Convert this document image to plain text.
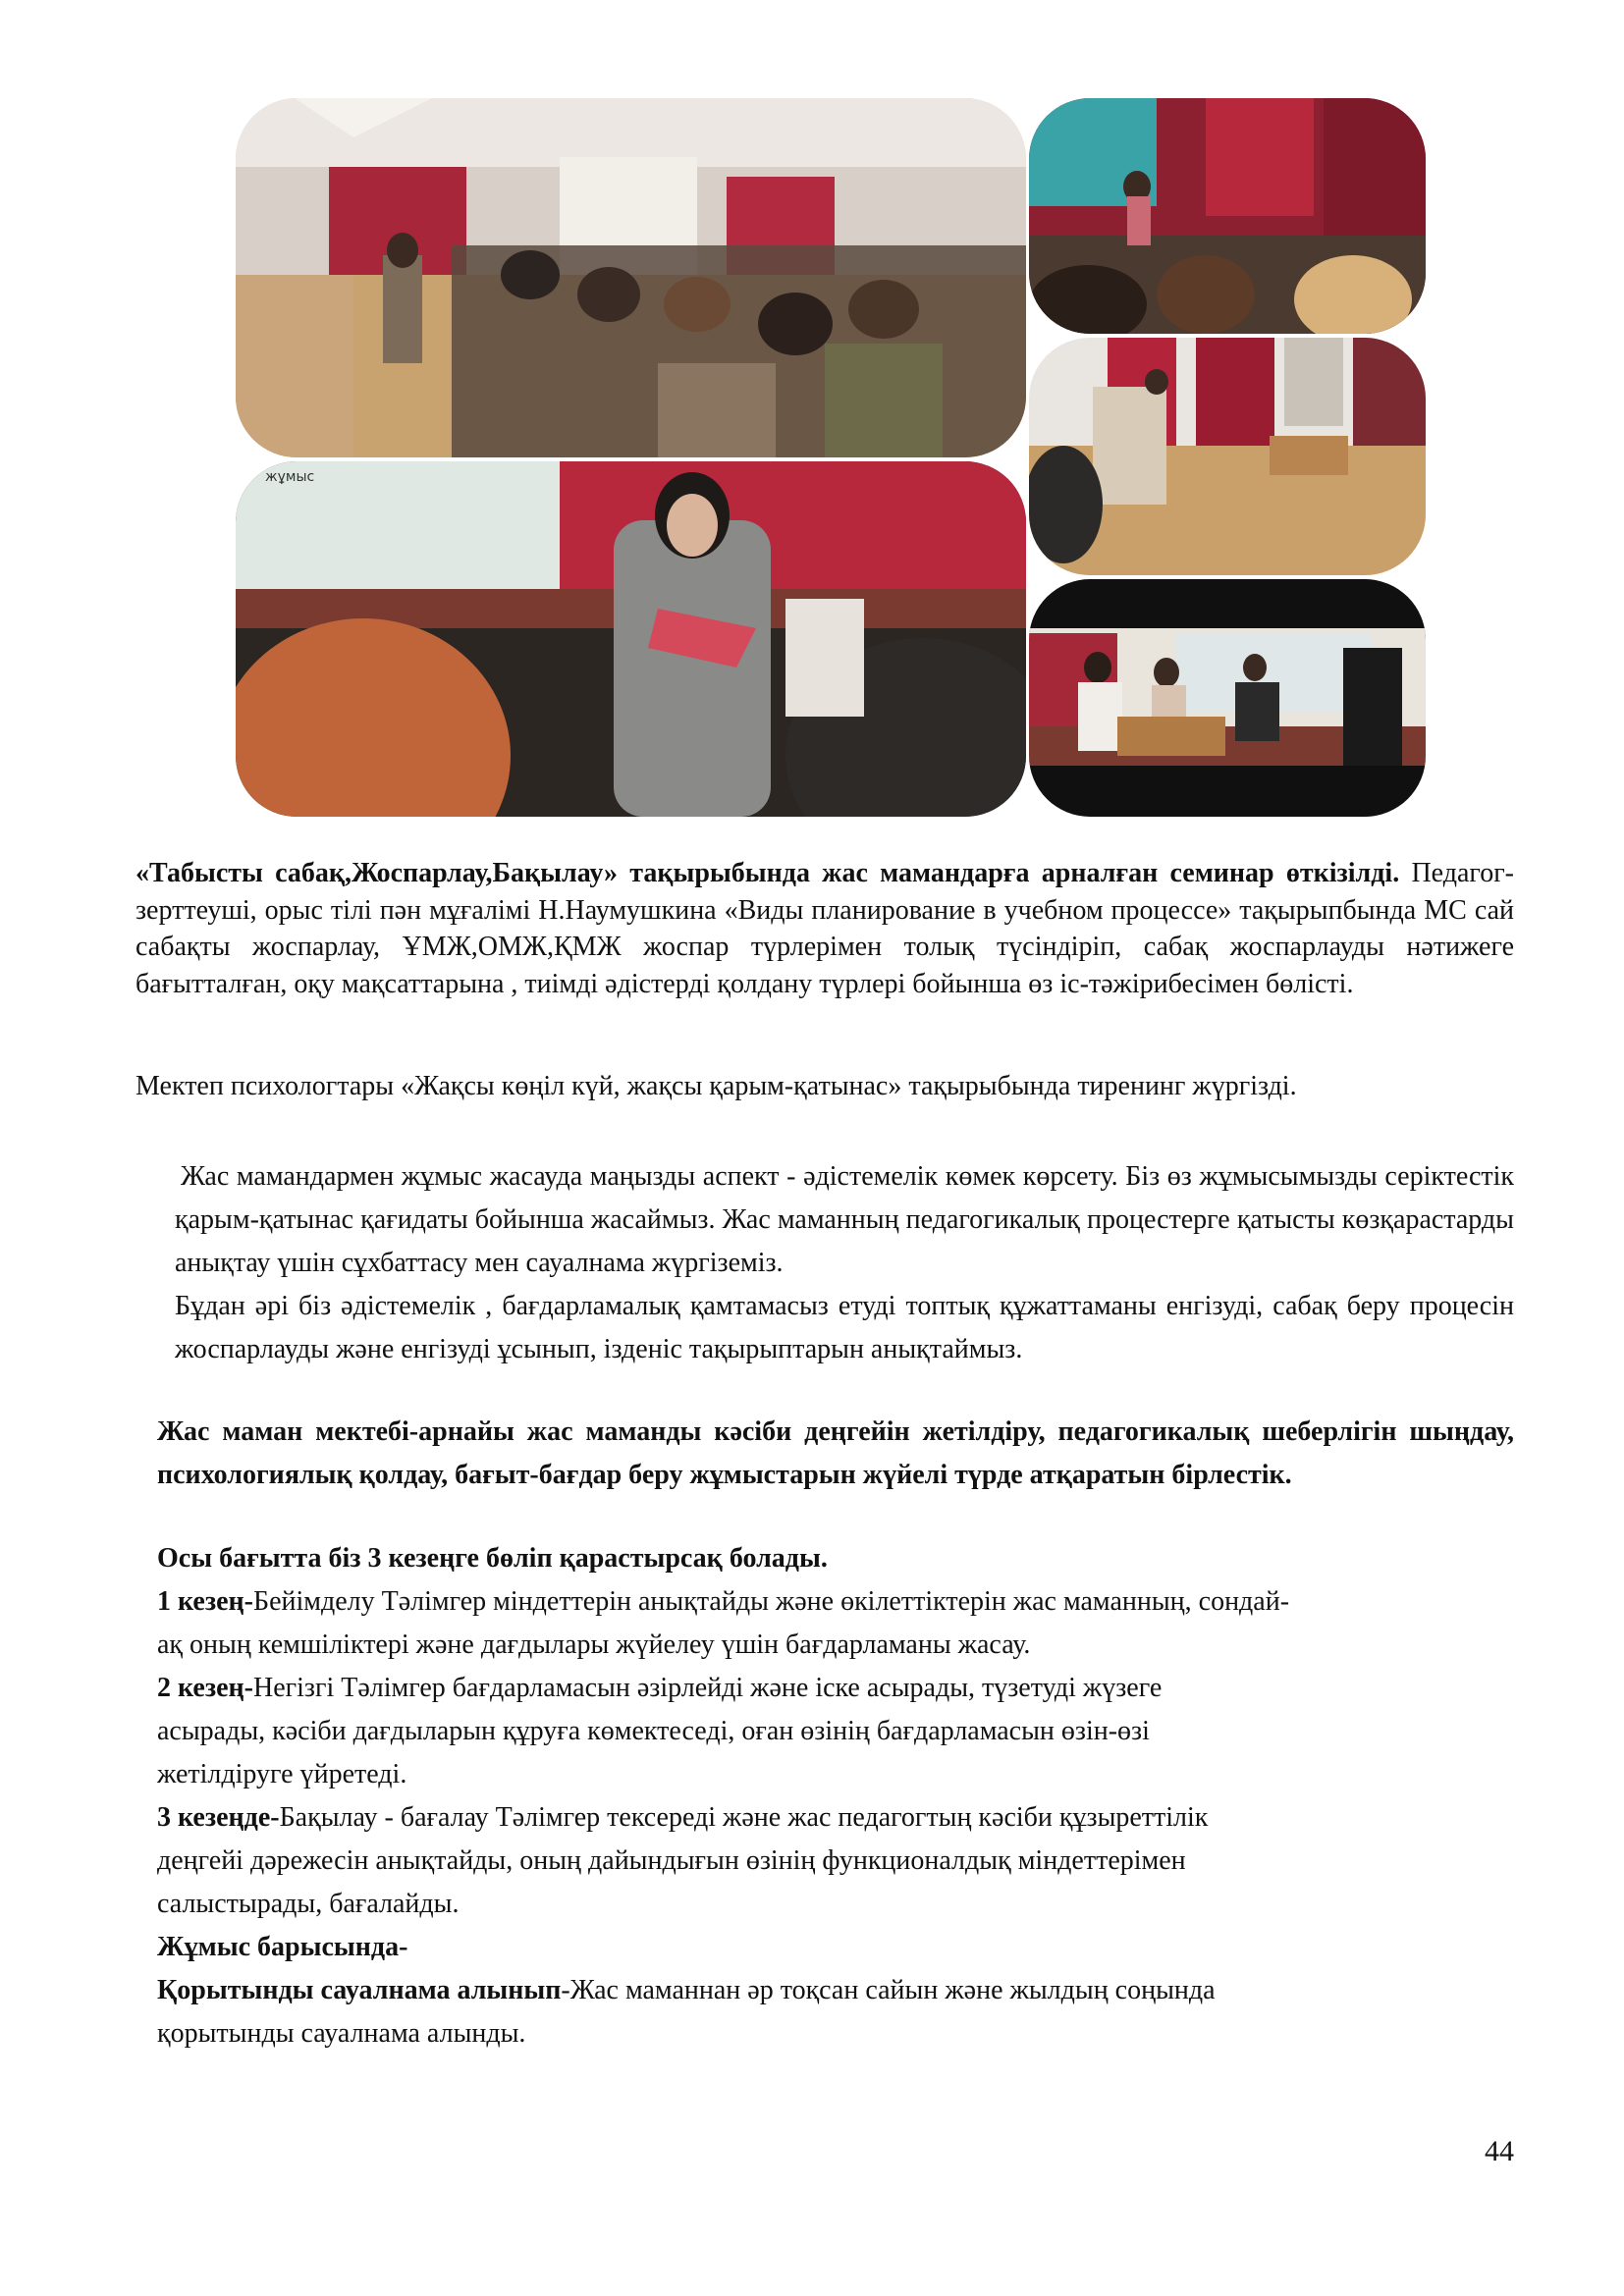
жұмыс
«Табысты сабақ,Жоспарлау,Бақылау» тақырыбында жас мамандарға арналған семинар өткізілді. Педагог-зерттеуші, орыс тілі пән мұғалімі Н.Наумушкина «Виды планирование в учебном процессе» тақырыпбында МС сай сабақты жоспарлау, ҰМЖ,ОМЖ,ҚМЖ жоспар түрлерімен толық түсіндіріп, сабақ жоспарлауды нәтижеге бағытталған, оқу мақсаттарына , тиімді әдістерді қолдану түрлері бойынша өз іс-тәжірибесімен бөлісті.
Мектеп психологтары «Жақсы көңіл күй, жақсы қарым-қатынас» тақырыбында тиренинг жүргізді.
Жас мамандармен жұмыс жасауда маңызды аспект - әдістемелік көмек көрсету. Біз өз жұмысымызды серіктестік қарым-қатынас қағидаты бойынша жасаймыз. Жас маманның педагогикалық процестерге қатысты көзқарастарды анықтау үшін сұхбаттасу мен сауалнама жүргіземіз.
Бұдан әрі біз әдістемелік , бағдарламалық қамтамасыз етуді топтық құжаттаманы енгізуді, сабақ беру процесін жоспарлауды және енгізуді ұсынып, ізденіс тақырыптарын анықтаймыз.
Жас маман мектебі-арнайы жас маманды кәсіби деңгейін жетілдіру, педагогикалық шеберлігін шыңдау, психологиялық қолдау, бағыт-бағдар беру жұмыстарын жүйелі түрде атқаратын бірлестік.
Осы бағытта біз 3 кезеңге бөліп қарастырсақ болады.
1 кезең-Бейімделу Тәлімгер міндеттерін анықтайды және өкілеттіктерін жас маманның, сондай-
ақ оның кемшіліктері және дағдылары жүйелеу үшін бағдарламаны жасау.
2 кезең-Негізгі Тәлімгер бағдарламасын әзірлейді және іске асырады, түзетуді жүзеге
асырады, кәсіби дағдыларын құруға көмектеседі, оған өзінің бағдарламасын өзін-өзі
жетілдіруге үйретеді.
3 кезеңде-Бақылау - бағалау Тәлімгер тексереді және жас педагогтың кәсіби құзыреттілік
деңгейі дәрежесін анықтайды, оның дайындығын өзінің функционалдық міндеттерімен
салыстырады, бағалайды.
Жұмыс барысында-
Қорытынды сауалнама алынып-Жас маманнан әр тоқсан сайын және жылдың соңында
қорытынды сауалнама алынды.
44
